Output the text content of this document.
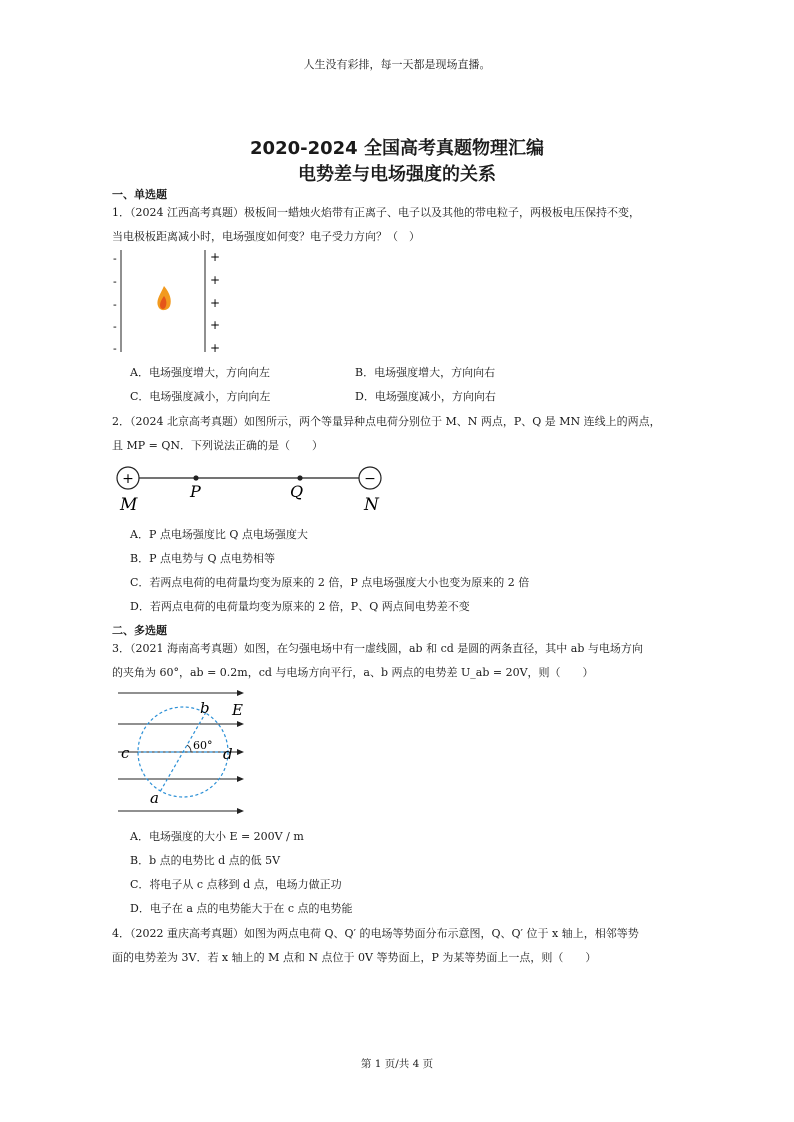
人生没有彩排，每一天都是现场直播。
2020-2024 全国高考真题物理汇编
电势差与电场强度的关系
一、单选题
1．（2024 江西高考真题）极板间一蜡烛火焰带有正离子、电子以及其他的带电粒子，两极板电压保持不变，
当电极板距离减小时，电场强度如何变？电子受力方向？（　）
-
-
-
-
-
+
+
+
+
+
A．电场强度增大，方向向左	B．电场强度增大，方向向右
C．电场强度减小，方向向左	D．电场强度减小，方向向右
2．（2024 北京高考真题）如图所示，两个等量异种点电荷分别位于 M、N 两点，P、Q 是 MN 连线上的两点，
且 MP = QN．下列说法正确的是（　　）
+	−
M
P	Q
N
A．P 点电场强度比 Q 点电场强度大
B．P 点电势与 Q 点电势相等
C．若两点电荷的电荷量均变为原来的 2 倍，P 点电场强度大小也变为原来的 2 倍
D．若两点电荷的电荷量均变为原来的 2 倍，P、Q 两点间电势差不变
二、多选题
3．（2021 海南高考真题）如图，在匀强电场中有一虚线圆，ab 和 cd 是圆的两条直径，其中 ab 与电场方向
的夹角为 60°，ab = 0.2m，cd 与电场方向平行，a、b 两点的电势差 U_ab = 20V，则（　　）
60°
b E
c	d
a
A．电场强度的大小 E = 200V / m
B．b 点的电势比 d 点的低 5V
C．将电子从 c 点移到 d 点，电场力做正功
D．电子在 a 点的电势能大于在 c 点的电势能
4．（2022 重庆高考真题）如图为两点电荷 Q、Q′ 的电场等势面分布示意图，Q、Q′ 位于 x 轴上，相邻等势
面的电势差为 3V．若 x 轴上的 M 点和 N 点位于 0V 等势面上，P 为某等势面上一点，则（　　）
第 1 页/共 4 页
